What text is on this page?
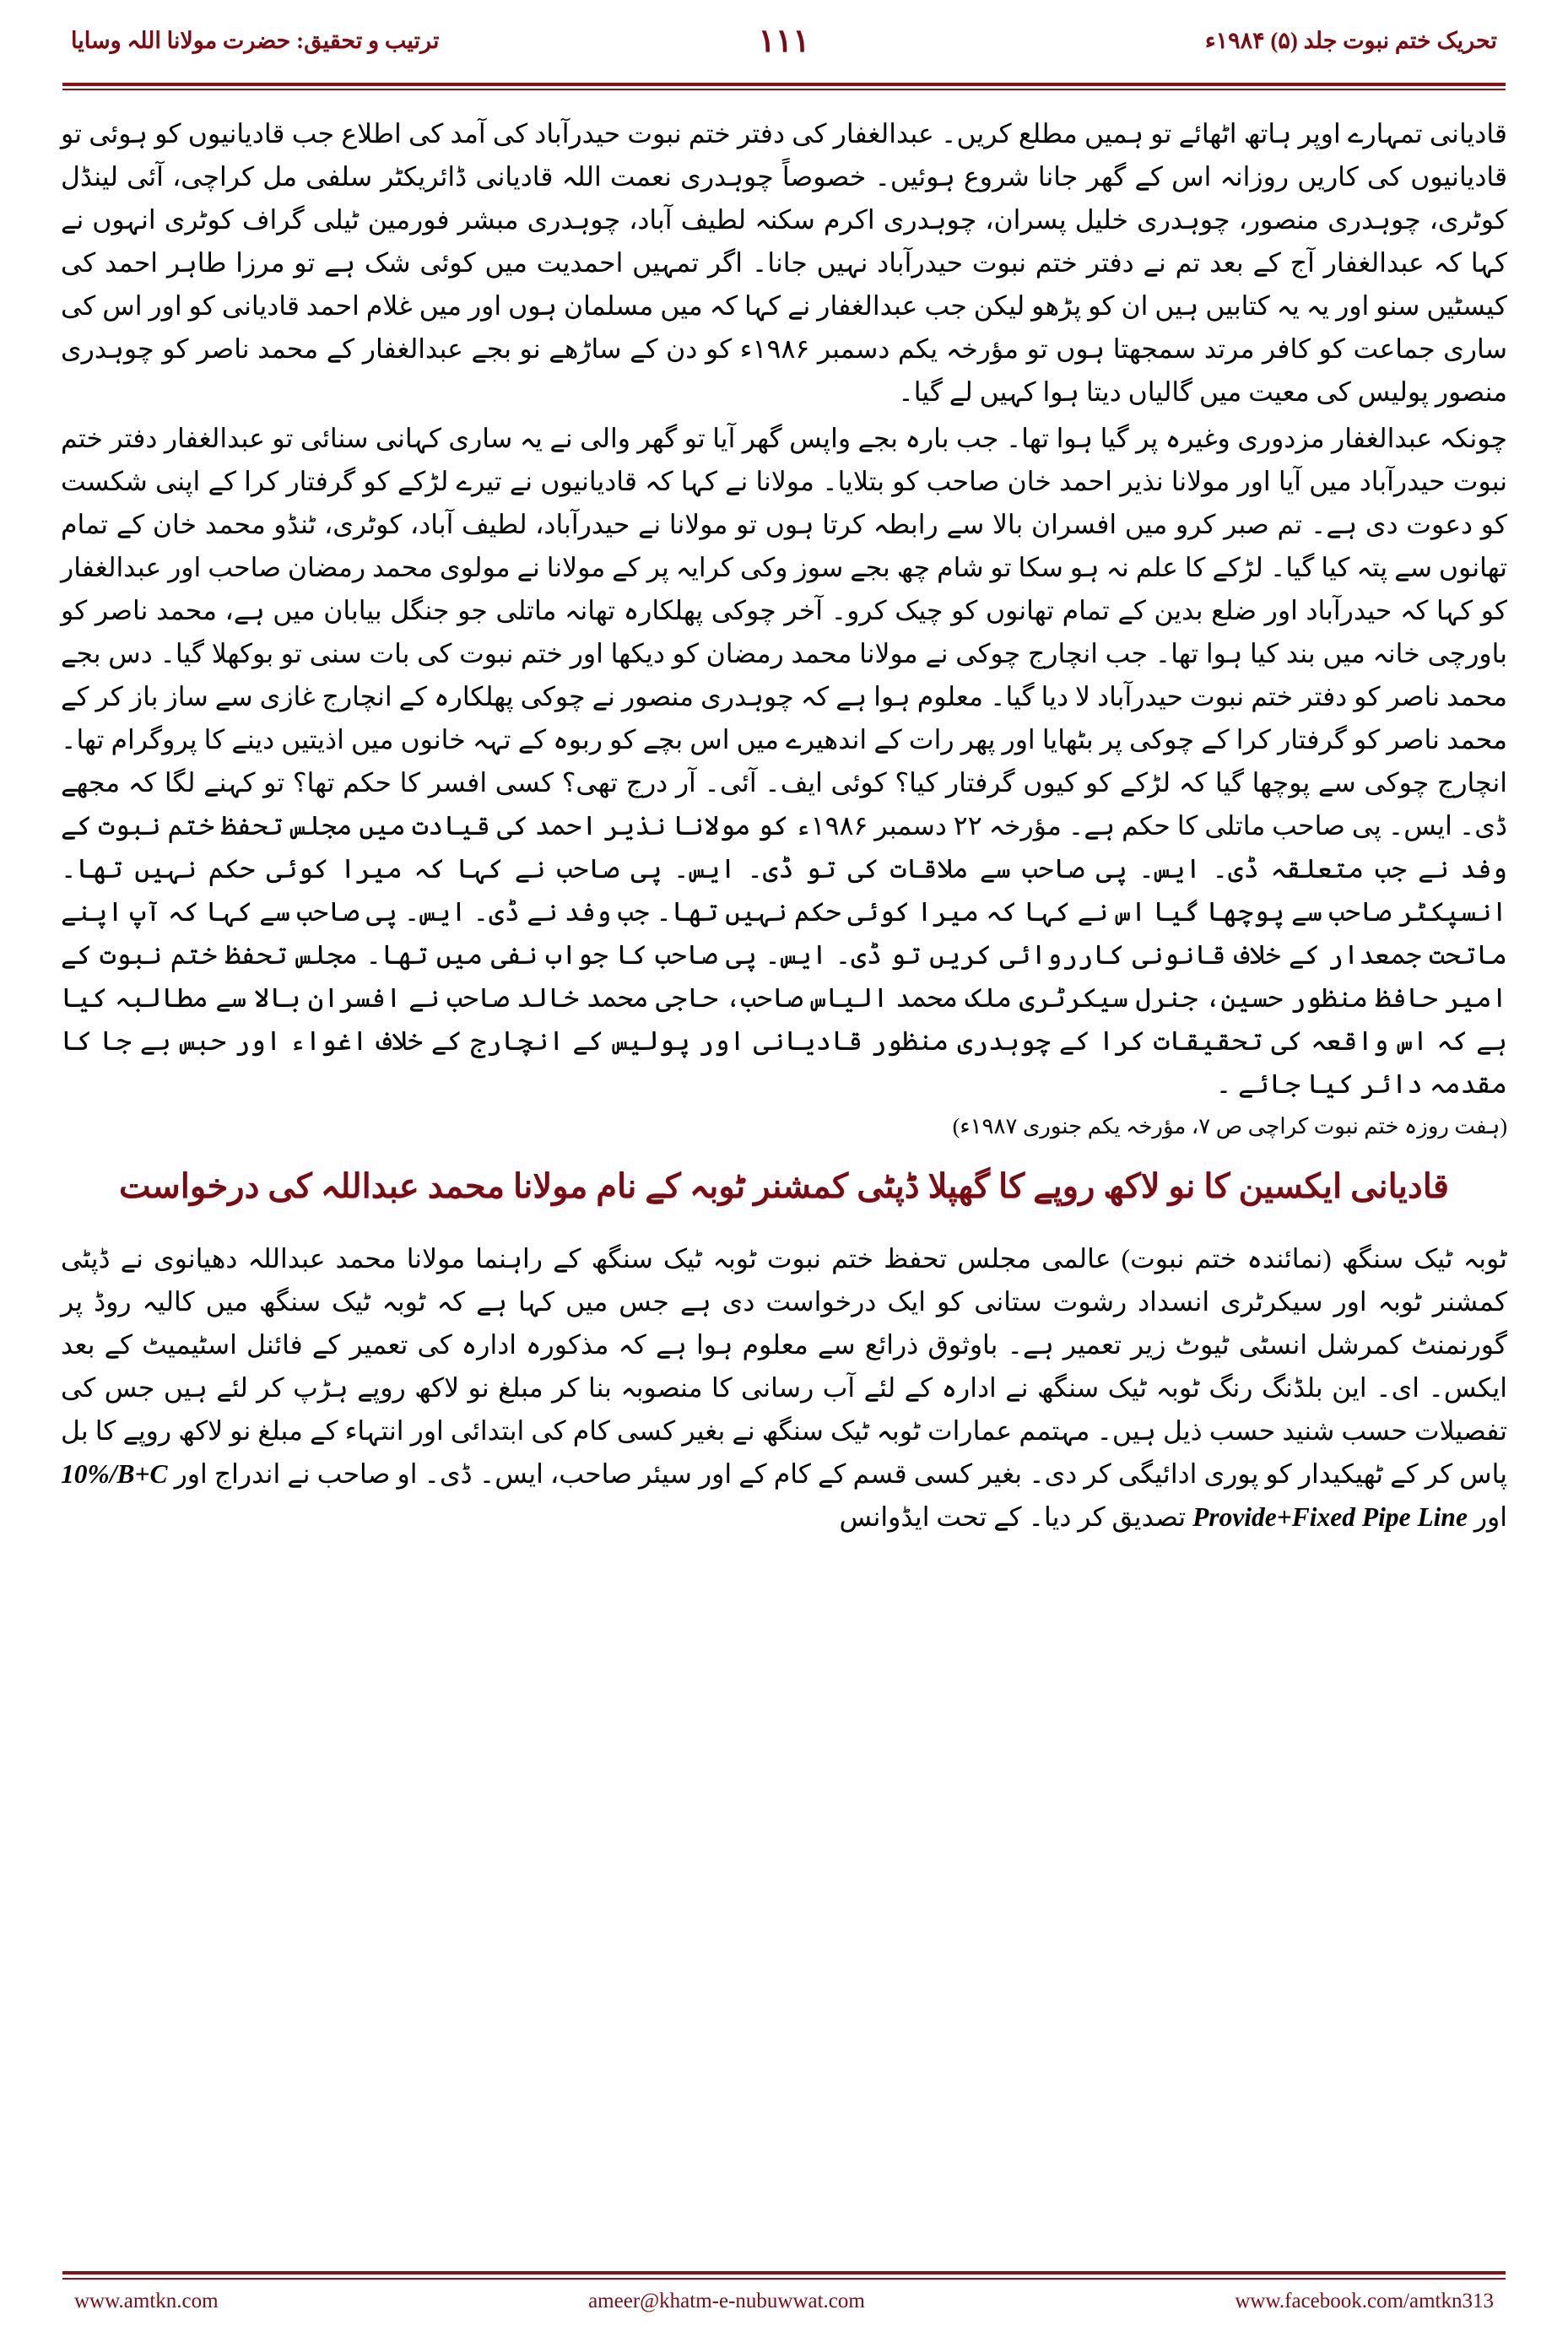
تحریک ختم نبوت جلد (۵) ۱۹۸۴ء
١١١
ترتیب و تحقیق: حضرت مولانا اللہ وسایا

قادیانی تمہارے اوپر ہاتھ اٹھائے تو ہمیں مطلع کریں۔ عبدالغفار کی دفتر ختم نبوت حیدرآباد کی آمد کی اطلاع جب قادیانیوں کو ہوئی تو قادیانیوں کی کاریں روزانہ اس کے گھر جانا شروع ہوئیں۔ خصوصاً چوہدری نعمت اللہ قادیانی ڈائریکٹر سلفی مل کراچی، آئی لینڈل کوٹری، چوہدری منصور، چوہدری خلیل پسران، چوہدری اکرم سکنہ لطیف آباد، چوہدری مبشر فورمین ٹیلی گراف کوٹری انہوں نے کہا کہ عبدالغفار آج کے بعد تم نے دفتر ختم نبوت حیدرآباد نہیں جانا۔ اگر تمہیں احمدیت میں کوئی شک ہے تو مرزا طاہر احمد کی کیسٹیں سنو اور یہ یہ کتابیں ہیں ان کو پڑھو لیکن جب عبدالغفار نے کہا کہ میں مسلمان ہوں اور میں غلام احمد قادیانی کو اور اس کی ساری جماعت کو کافر مرتد سمجھتا ہوں تو مؤرخہ یکم دسمبر ۱۹۸۶ء کو دن کے ساڑھے نو بجے عبدالغفار کے محمد ناصر کو چوہدری منصور پولیس کی معیت میں گالیاں دیتا ہوا کہیں لے گیا۔

چونکہ عبدالغفار مزدوری وغیرہ پر گیا ہوا تھا۔ جب بارہ بجے واپس گھر آیا تو گھر والی نے یہ ساری کہانی سنائی تو عبدالغفار دفتر ختم نبوت حیدرآباد میں آیا اور مولانا نذیر احمد خان صاحب کو بتلایا۔ مولانا نے کہا کہ قادیانیوں نے تیرے لڑکے کو گرفتار کرا کے اپنی شکست کو دعوت دی ہے۔ تم صبر کرو میں افسران بالا سے رابطہ کرتا ہوں تو مولانا نے حیدرآباد، لطیف آباد، کوٹری، ٹنڈو محمد خان کے تمام تھانوں سے پتہ کیا گیا۔ لڑکے کا علم نہ ہو سکا تو شام چھ بجے سوز وکی کرایہ پر کے مولانا نے مولوی محمد رمضان صاحب اور عبدالغفار کو کہا کہ حیدرآباد اور ضلع بدین کے تمام تھانوں کو چیک کرو۔ آخر چوکی پھلکارہ تھانہ ماتلی جو جنگل بیابان میں ہے، محمد ناصر کو باورچی خانہ میں بند کیا ہوا تھا۔ جب انچارج چوکی نے مولانا محمد رمضان کو دیکھا اور ختم نبوت کی بات سنی تو بوکھلا گیا۔ دس بجے محمد ناصر کو دفتر ختم نبوت حیدرآباد لا دیا گیا۔ معلوم ہوا ہے کہ چوہدری منصور نے چوکی پھلکارہ کے انچارج غازی سے ساز باز کر کے محمد ناصر کو گرفتار کرا کے چوکی پر بٹھایا اور پھر رات کے اندھیرے میں اس بچے کو ربوہ کے تہہ خانوں میں اذیتیں دینے کا پروگرام تھا۔ انچارج چوکی سے پوچھا گیا کہ لڑکے کو کیوں گرفتار کیا؟ کوئی ایف۔ آئی۔ آر درج تھی؟ کسی افسر کا حکم تھا؟ تو کہنے لگا کہ مجھے ڈی۔ ایس۔ پی صاحب ماتلی کا حکم ہے۔ مؤرخہ ۲۲ دسمبر ۱۹۸۶ء کو مولانا نذیر احمد کی قیادت میں مجلس تحفظ ختم نبوت کے وفد نے جب متعلقہ ڈی۔ ایس۔ پی صاحب سے ملاقات کی تو ڈی۔ ایس۔ پی صاحب نے کہا کہ میرا کوئی حکم نہیں تھا۔ انسپکٹر صاحب سے پوچھا گیا اس نے کہا کہ میرا کوئی حکم نہیں تھا۔ جب وفد نے ڈی۔ ایس۔ پی صاحب سے کہا کہ آپ اپنے ماتحت جمعدار کے خلاف قانونی کارروائی کریں تو ڈی۔ ایس۔ پی صاحب کا جواب نفی میں تھا۔ مجلس تحفظ ختم نبوت کے امیر حافظ منظور حسین، جنرل سیکرٹری ملک محمد الیاس صاحب، حاجی محمد خالد صاحب نے افسران بالا سے مطالبہ کیا ہے کہ اس واقعہ کی تحقیقات کرا کے چوہدری منظور قادیانی اور پولیس کے انچارج کے خلاف اغواء اور حبس بے جا کا مقدمہ دائر کیا جائے ۔

(ہفت روزہ ختم نبوت کراچی ص ۷، مؤرخہ یکم جنوری ۱۹۸۷ء)
قادیانی ایکسین کا نو لاکھ روپے کا گھپلا ڈپٹی کمشنر ٹوبہ کے نام مولانا محمد عبداللہ کی درخواست

ٹوبہ ٹیک سنگھ (نمائندہ ختم نبوت) عالمی مجلس تحفظ ختم نبوت ٹوبہ ٹیک سنگھ کے راہنما مولانا محمد عبداللہ دھیانوی نے ڈپٹی کمشنر ٹوبہ اور سیکرٹری انسداد رشوت ستانی کو ایک درخواست دی ہے جس میں کہا ہے کہ ٹوبہ ٹیک سنگھ میں کالیہ روڈ پر گورنمنٹ کمرشل انسٹی ٹیوٹ زیر تعمیر ہے۔ باوثوق ذرائع سے معلوم ہوا ہے کہ مذکورہ ادارہ کی تعمیر کے فائنل اسٹیمیٹ کے بعد ایکس۔ ای۔ این بلڈنگ رنگ ٹوبہ ٹیک سنگھ نے ادارہ کے لئے آب رسانی کا منصوبہ بنا کر مبلغ نو لاکھ روپے ہڑپ کر لئے ہیں جس کی تفصیلات حسب شنید حسب ذیل ہیں۔ مہتمم عمارات ٹوبہ ٹیک سنگھ نے بغیر کسی کام کی ابتدائی اور انتہاء کے مبلغ نو لاکھ روپے کا بل پاس کر کے ٹھیکیدار کو پوری ادائیگی کر دی۔ بغیر کسی قسم کے کام کے اور سیئر صاحب، ایس۔ ڈی۔ او صاحب نے اندراج اور 10%/B+C اور Provide+Fixed Pipe Line تصدیق کر دیا۔ کے تحت ایڈوانس

www.amtkn.com	ameer@khatm-e-nubuwwat.com	www.facebook.com/amtkn313
